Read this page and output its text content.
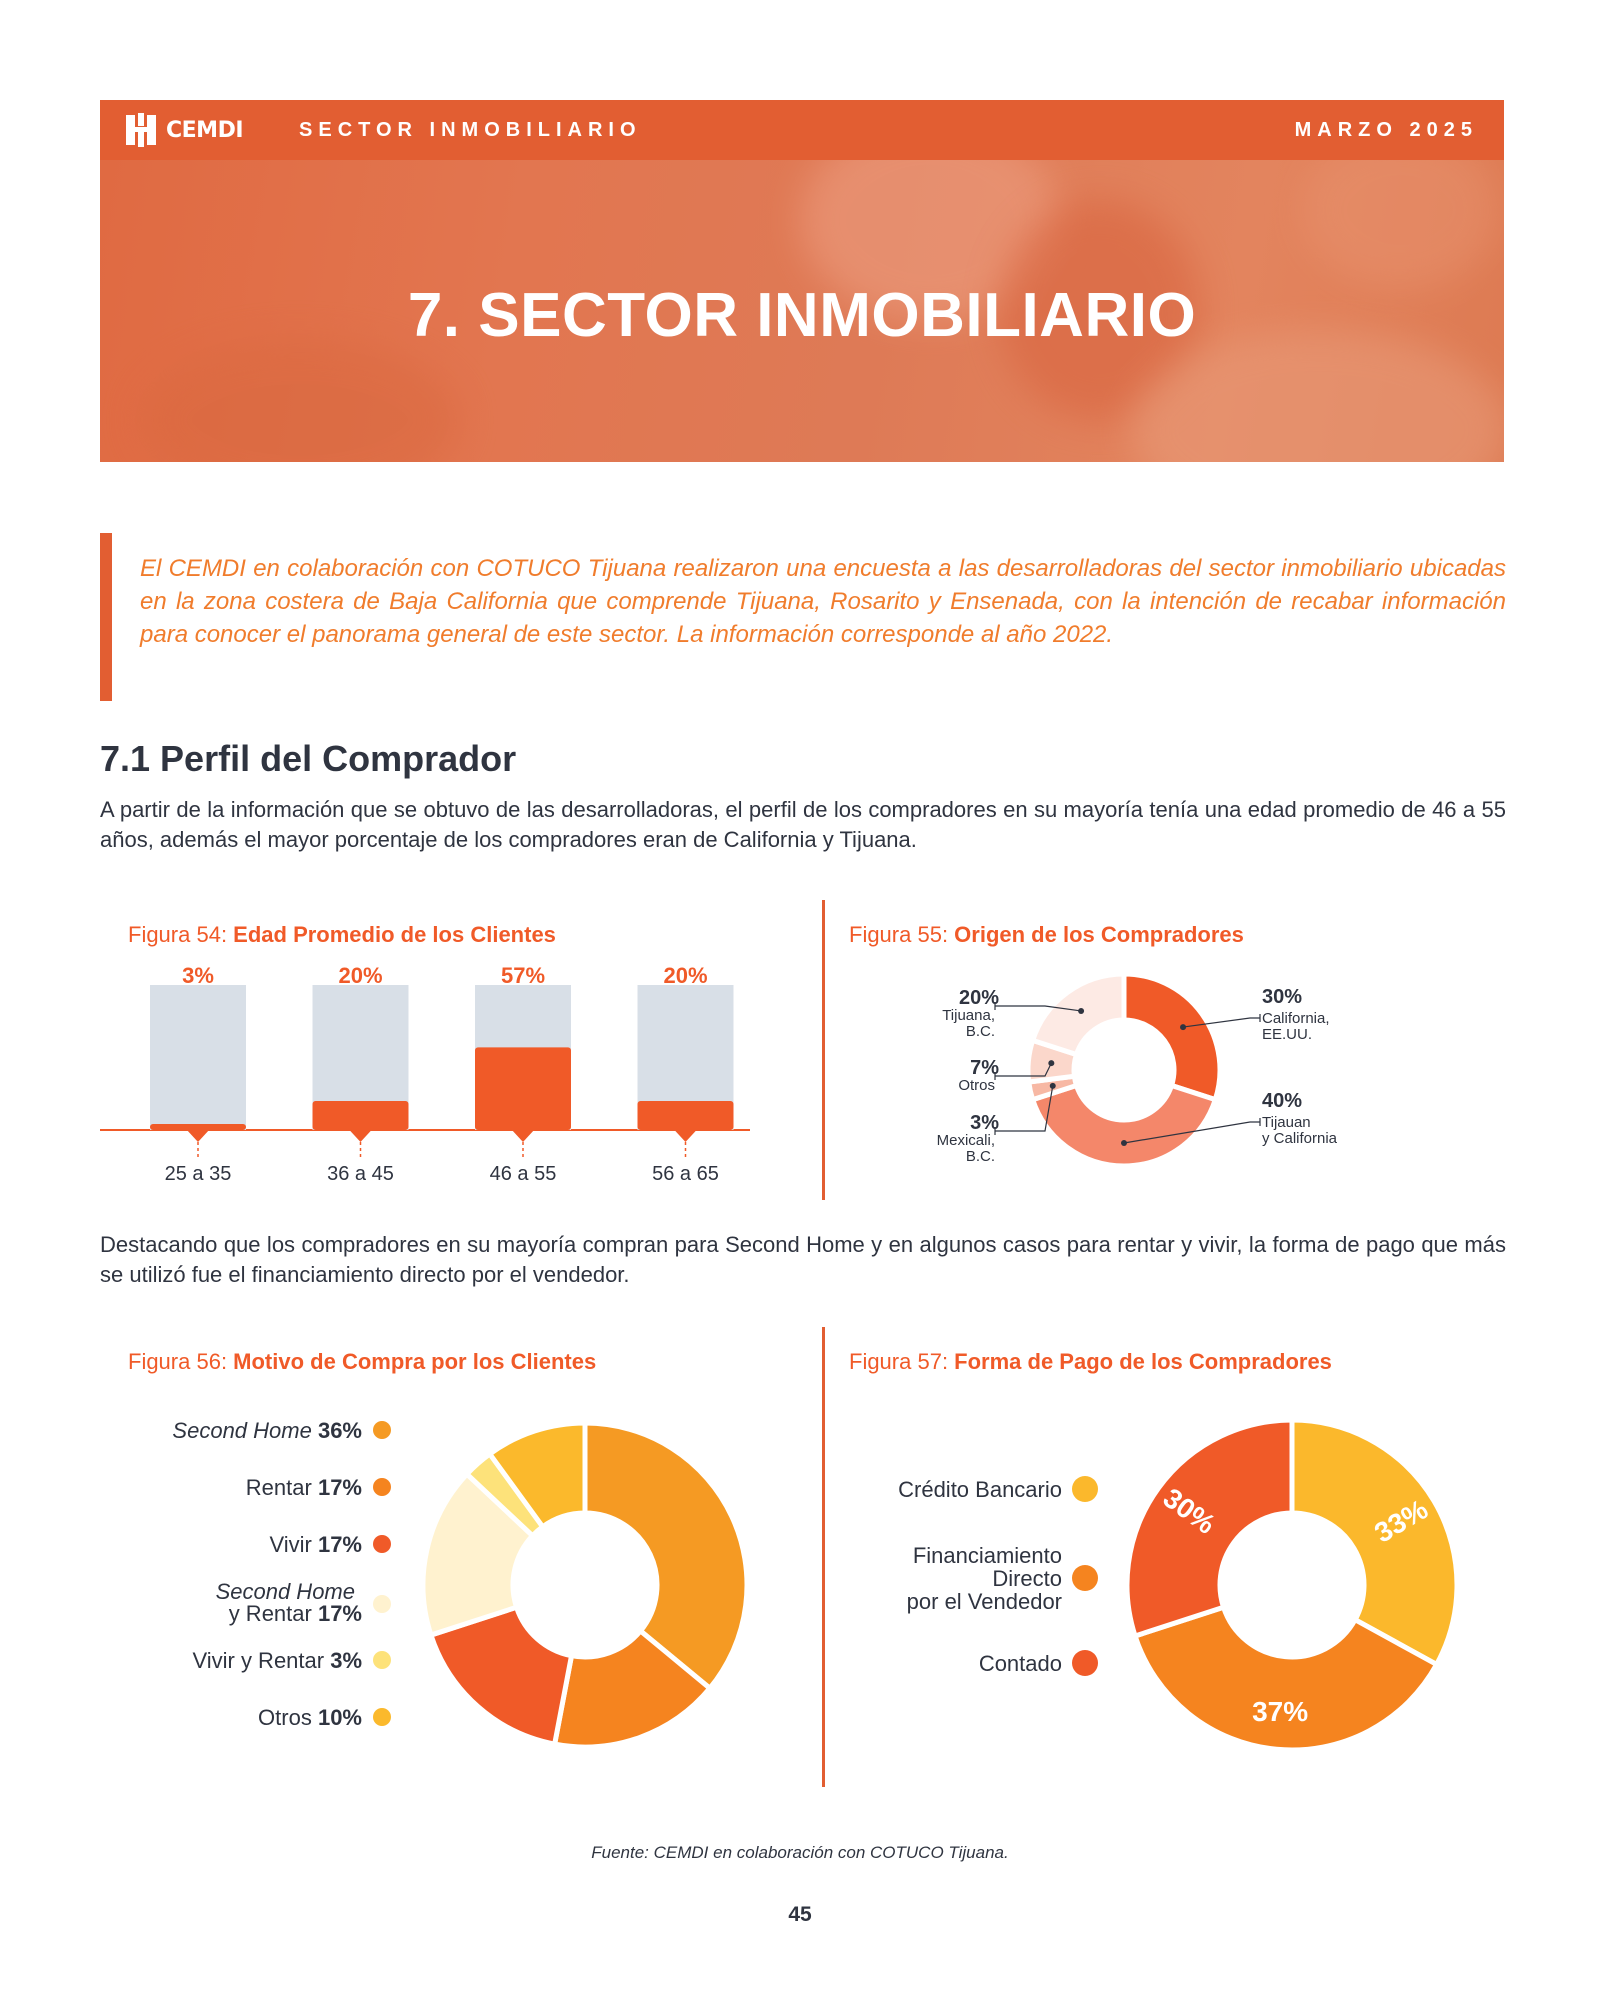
CEMDI	SECTOR INMOBILIARIO	MARZO 2025
7. SECTOR INMOBILIARIO

El CEMDI en colaboración con COTUCO Tijuana realizaron una encuesta a las desarrolladoras del sector inmobiliario ubicadas en la zona costera de Baja California que comprende Tijuana, Rosarito y Ensenada, con la intención de recabar información para conocer el panorama general de este sector. La información corresponde al año 2022.

7.1 Perfil del Comprador

A partir de la información que se obtuvo de las desarrolladoras, el perfil de los compradores en su mayoría tenía una edad promedio de 46 a 55 años, además el mayor porcentaje de los compradores eran de California y Tijuana.

Figura 54: Edad Promedio de los Clientes
3%
25 a 35
20%
36 a 45
57%
46 a 55
20%
56 a 65
Figura 55: Origen de los Compradores
30%
California,
EE.UU.
40%
Tijauan
y California
3%
Mexicali,
B.C.
7%
Otros
20%
Tijuana,
B.C.

Destacando que los compradores en su mayoría compran para Second Home y en algunos casos para rentar y vivir, la forma de pago que más se utilizó fue el financiamiento directo por el vendedor.

Figura 56: Motivo de Compra por los Clientes
Second Home 36%
Rentar 17%
Vivir 17%
Second Home
y Rentar 17%
Vivir y Rentar 3%
Otros 10%
Figura 57: Forma de Pago de los Compradores
Crédito Bancario
33%
Financiamiento
Directo
por el Vendedor
37%
Contado
30%
Fuente: CEMDI en colaboración con COTUCO Tijuana.
45
